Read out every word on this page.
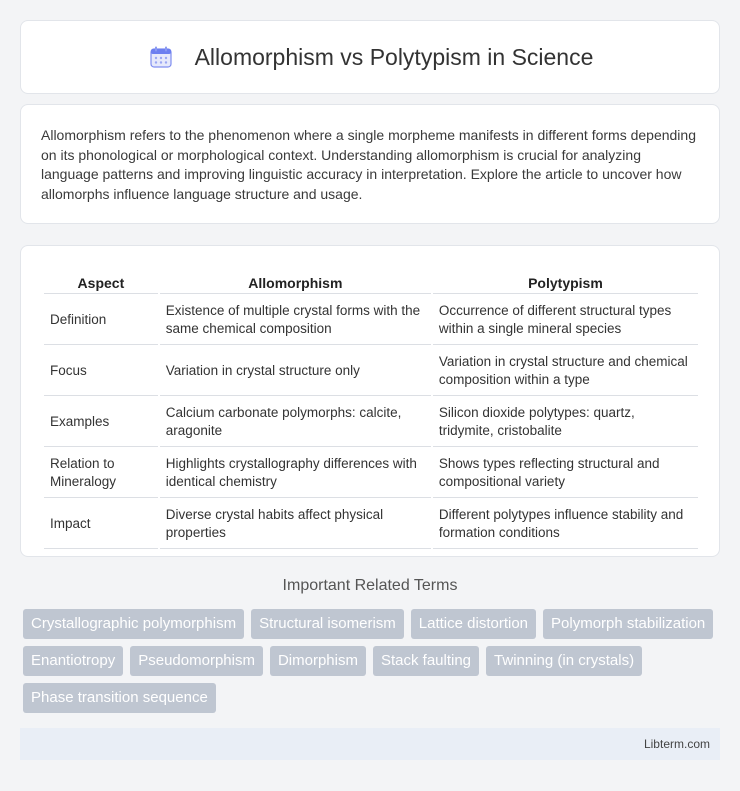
Allomorphism vs Polytypism in Science

Allomorphism refers to the phenomenon where a single morpheme manifests in different forms depending on its phonological or morphological context. Understanding allomorphism is crucial for analyzing language patterns and improving linguistic accuracy in interpretation. Explore the article to uncover how allomorphs influence language structure and usage.

Aspect	Allomorphism	Polytypism
Definition	Existence of multiple crystal forms with the same chemical composition	Occurrence of different structural types within a single mineral species
Focus	Variation in crystal structure only	Variation in crystal structure and chemical composition within a type
Examples	Calcium carbonate polymorphs: calcite, aragonite	Silicon dioxide polytypes: quartz, tridymite, cristobalite
Relation to Mineralogy	Highlights crystallography differences with identical chemistry	Shows types reflecting structural and compositional variety
Impact	Diverse crystal habits affect physical properties	Different polytypes influence stability and formation conditions
Important Related Terms
Crystallographic polymorphism	Structural isomerism	Lattice distortion	Polymorph stabilization
Enantiotropy	Pseudomorphism	Dimorphism	Stack faulting	Twinning (in crystals)
Phase transition sequence
Libterm.com
